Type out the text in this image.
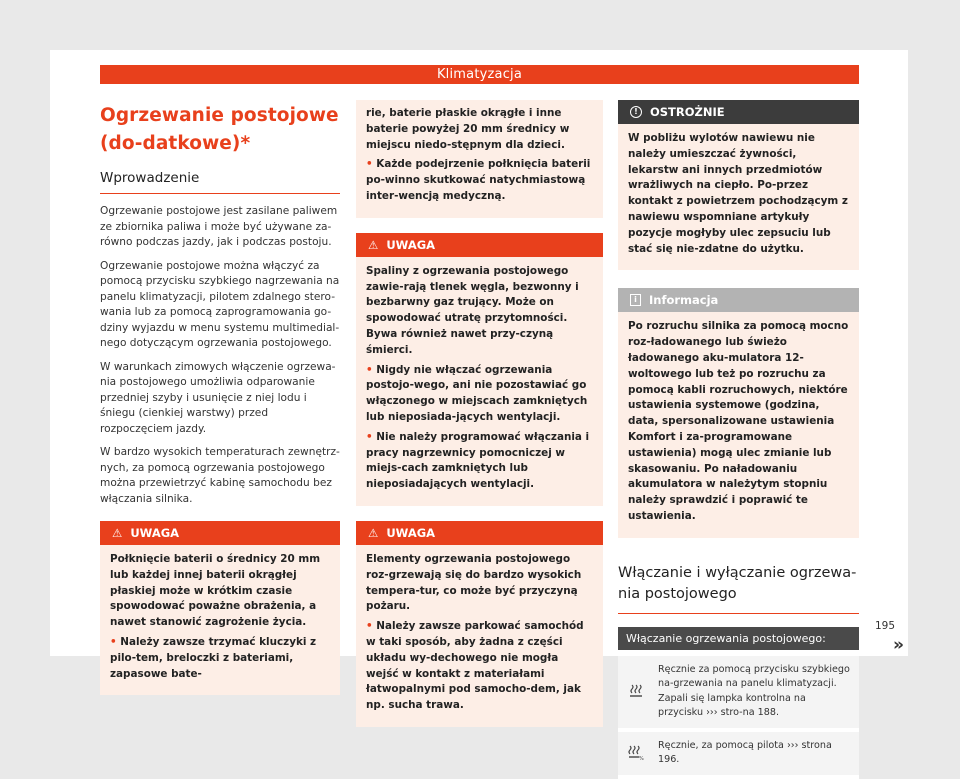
Klimatyzacja
Ogrzewanie postojowe (do-datkowe)*
Wprowadzenie

Ogrzewanie postojowe jest zasilane paliwem ze zbiornika paliwa i może być używane za-równo podczas jazdy, jak i podczas postoju.

Ogrzewanie postojowe można włączyć za pomocą przycisku szybkiego nagrzewania na panelu klimatyzacji, pilotem zdalnego stero-wania lub za pomocą zaprogramowania go-dziny wyjazdu w menu systemu multimedial-nego dotyczącym ogrzewania postojowego.

W warunkach zimowych włączenie ogrzewa-nia postojowego umożliwia odparowanie przedniej szyby i usunięcie z niej lodu i śniegu (cienkiej warstwy) przed rozpoczęciem jazdy.

W bardzo wysokich temperaturach zewnętrz-nych, za pomocą ogrzewania postojowego można przewietrzyć kabinę samochodu bez włączania silnika.

⚠ UWAGA

Połknięcie baterii o średnicy 20 mm lub każdej innej baterii okrągłej płaskiej może w krótkim czasie spowodować poważne obrażenia, a nawet stanowić zagrożenie życia.

• Należy zawsze trzymać kluczyki z pilo-tem, breloczki z bateriami, zapasowe bate-

rie, baterie płaskie okrągłe i inne baterie powyżej 20 mm średnicy w miejscu niedo-stępnym dla dzieci.

• Każde podejrzenie połknięcia baterii po-winno skutkować natychmiastową inter-wencją medyczną.

⚠ UWAGA

Spaliny z ogrzewania postojowego zawie-rają tlenek węgla, bezwonny i bezbarwny gaz trujący. Może on spowodować utratę przytomności. Bywa również nawet przy-czyną śmierci.

• Nigdy nie włączać ogrzewania postojo-wego, ani nie pozostawiać go włączonego w miejscach zamkniętych lub nieposiada-jących wentylacji.

• Nie należy programować włączania i pracy nagrzewnicy pomocniczej w miejs-cach zamkniętych lub nieposiadających wentylacji.

⚠ UWAGA

Elementy ogrzewania postojowego roz-grzewają się do bardzo wysokich tempera-tur, co może być przyczyną pożaru.

• Należy zawsze parkować samochód w taki sposób, aby żadna z części układu wy-dechowego nie mogła wejść w kontakt z materiałami łatwopalnymi pod samocho-dem, jak np. sucha trawa.

!	OSTROŻNIE

W pobliżu wylotów nawiewu nie należy umieszczać żywności, lekarstw ani innych przedmiotów wrażliwych na ciepło. Po-przez kontakt z powietrzem pochodzącym z nawiewu wspomniane artykuły pozycje mogłyby ulec zepsuciu lub stać się nie-zdatne do użytku.

i	Informacja

Po rozruchu silnika za pomocą mocno roz-ładowanego lub świeżo ładowanego aku-mulatora 12-woltowego lub też po rozruchu za pomocą kabli rozruchowych, niektóre ustawienia systemowe (godzina, data, spersonalizowane ustawienia Komfort i za-programowane ustawienia) mogą ulec zmianie lub skasowaniu. Po naładowaniu akumulatora w należytym stopniu należy sprawdzić i poprawić te ustawienia.

Włączanie i wyłączanie ogrzewa-nia postojowego
Włączanie ogrzewania postojowego:
Ręcznie za pomocą przycisku szybkiego na-grzewania na panelu klimatyzacji. Zapali się lampka kontrolna na przycisku ››› stro-na 188.
%
Ręcznie, za pomocą pilota ››› strona 196.
»
195
